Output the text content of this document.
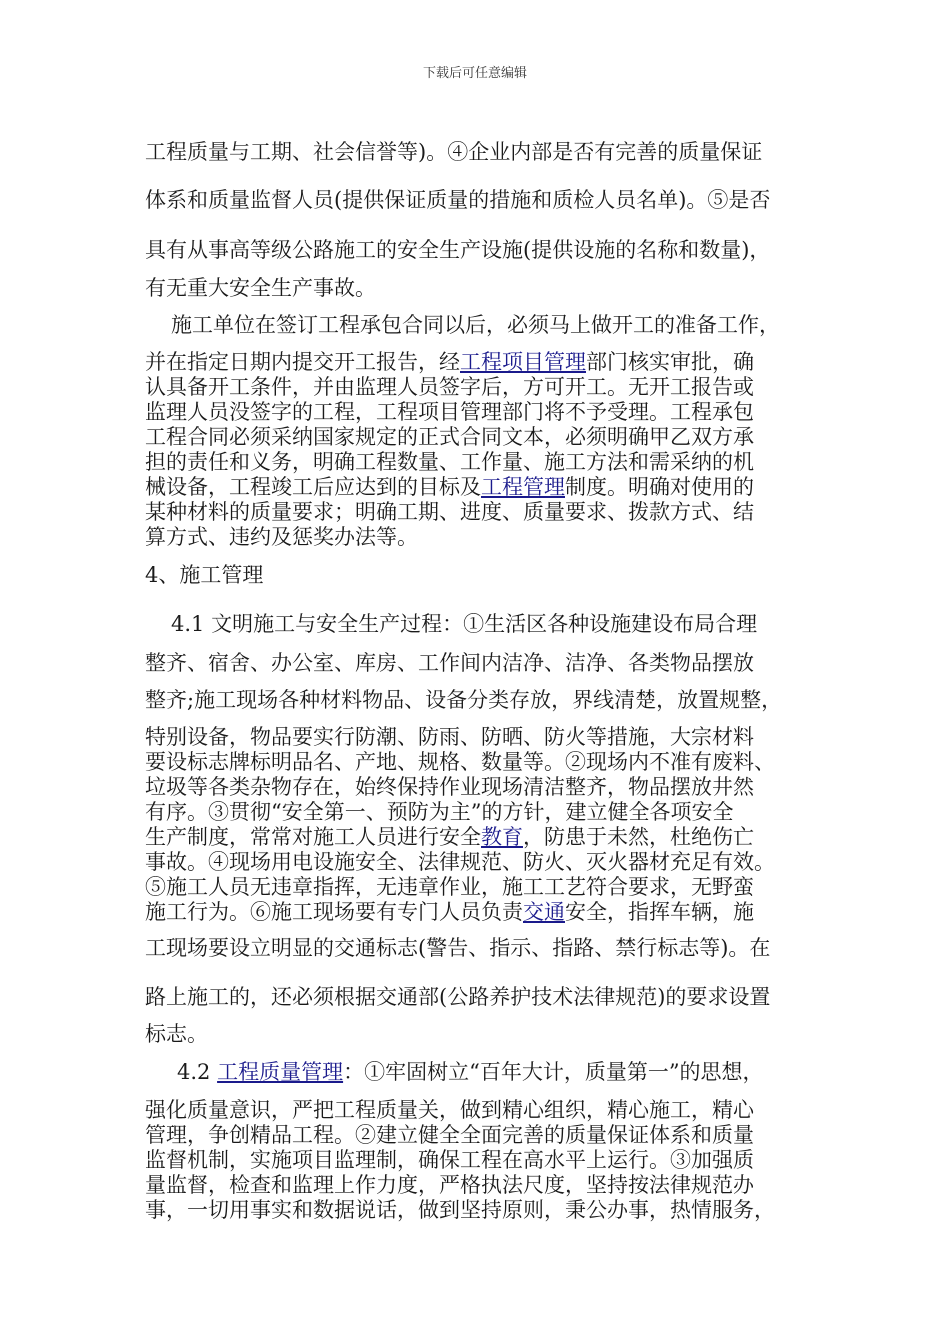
下载后可任意编辑
工程质量与工期、社会信誉等)。④企业内部是否有完善的质量保证
体系和质量监督人员(提供保证质量的措施和质检人员名单)。⑤是否
具有从事高等级公路施工的安全生产设施(提供设施的名称和数量)，
有无重大安全生产事故。
施工单位在签订工程承包合同以后，必须马上做开工的准备工作，
并在指定日期内提交开工报告，经工程项目管理部门核实审批，确
认具备开工条件，并由监理人员签字后，方可开工。无开工报告或
监理人员没签字的工程，工程项目管理部门将不予受理。工程承包
工程合同必须采纳国家规定的正式合同文本，必须明确甲乙双方承
担的责任和义务，明确工程数量、工作量、施工方法和需采纳的机
械设备，工程竣工后应达到的目标及工程管理制度。明确对使用的
某种材料的质量要求；明确工期、进度、质量要求、拨款方式、结
算方式、违约及惩奖办法等。
4、施工管理
4.1 文明施工与安全生产过程：①生活区各种设施建设布局合理
整齐、宿舍、办公室、库房、工作间内洁净、洁净、各类物品摆放
整齐;施工现场各种材料物品、设备分类存放，界线清楚，放置规整，
特别设备，物品要实行防潮、防雨、防晒、防火等措施，大宗材料
要设标志牌标明品名、产地、规格、数量等。②现场内不准有废料、
垃圾等各类杂物存在，始终保持作业现场清洁整齐，物品摆放井然
有序。③贯彻“安全第一、预防为主”的方针，建立健全各项安全
生产制度，常常对施工人员进行安全教育，防患于未然，杜绝伤亡
事故。④现场用电设施安全、法律规范、防火、灭火器材充足有效。
⑤施工人员无违章指挥，无违章作业，施工工艺符合要求，无野蛮
施工行为。⑥施工现场要有专门人员负责交通安全，指挥车辆，施
工现场要设立明显的交通标志(警告、指示、指路、禁行标志等)。在
路上施工的，还必须根据交通部(公路养护技术法律规范)的要求设置
标志。
4.2 工程质量管理：①牢固树立“百年大计，质量第一”的思想，
强化质量意识，严把工程质量关，做到精心组织，精心施工，精心
管理，争创精品工程。②建立健全全面完善的质量保证体系和质量
监督机制，实施项目监理制，确保工程在高水平上运行。③加强质
量监督，检查和监理上作力度，严格执法尺度，坚持按法律规范办
事，一切用事实和数据说话，做到坚持原则，秉公办事，热情服务，
